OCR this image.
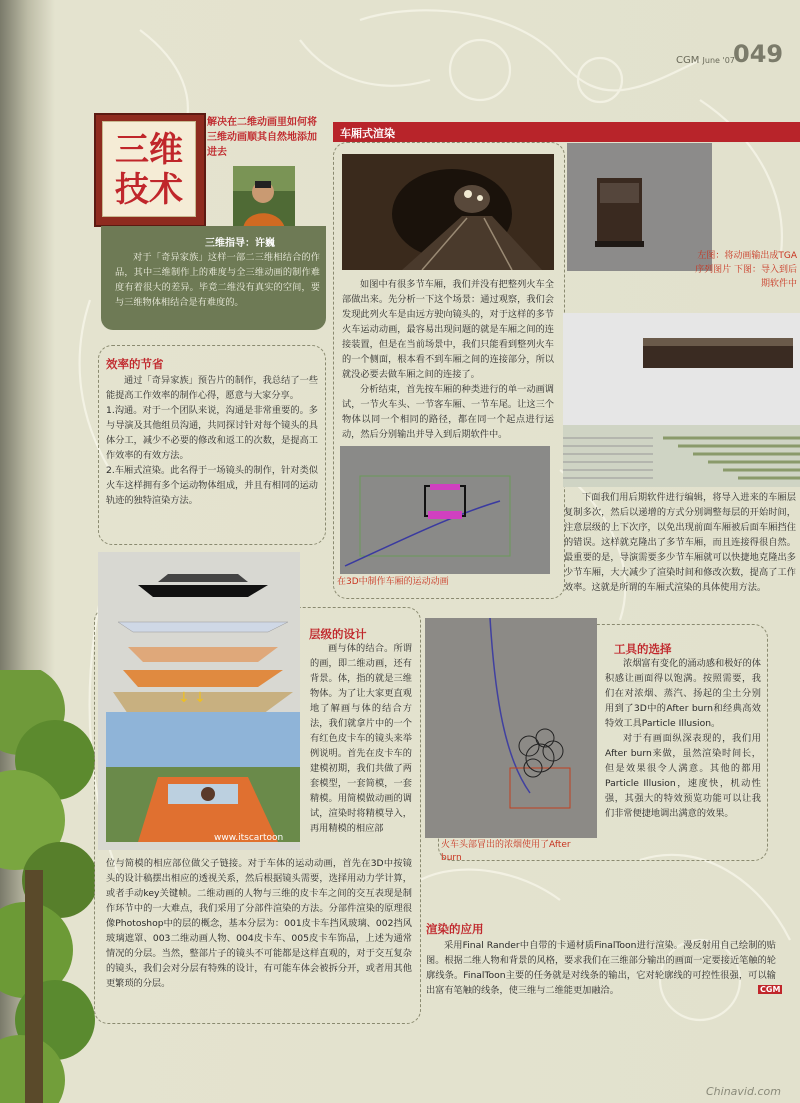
CGM June '07
049
三维技术
解决在二维动画里如何将三维动画顺其自然地添加进去
三维指导：许巍
对于「奇异家族」这样一部二三维相结合的作品，其中三维制作上的难度与全三维动画的制作难度有着很大的差异。毕竟二维没有真实的空间，要与三维物体相结合是有难度的。
效率的节省

通过「奇异家族」预告片的制作，我总结了一些能提高工作效率的制作心得，愿意与大家分享。

1.沟通。对于一个团队来说，沟通是非常重要的。多与导演及其他组员沟通，共同探讨针对每个镜头的具体分工，减少不必要的修改和返工的次数，是提高工作效率的有效方法。

2.车厢式渲染。此名得于一场镜头的制作，针对类似火车这样拥有多个运动物体组成，并且有相同的运动轨迹的独特渲染方法。

车厢式渲染

如图中有很多节车厢，我们并没有把整列火车全部做出来。先分析一下这个场景：通过观察，我们会发现此列火车是由远方驶向镜头的，对于这样的多节火车运动动画，最容易出现问题的就是车厢之间的连接装置，但是在当前场景中，我们只能看到整列火车的一个侧面，根本看不到车厢之间的连接部分，所以就没必要去做车厢之间的连接了。

分析结束，首先按车厢的种类进行的单一动画调试，一节火车头、一节客车厢、一节车尾。让这三个物体以同一个相同的路径，都在同一个起点进行运动，然后分别输出并导入到后期软件中。

在3D中制作车厢的运动动画
左图：将动画输出成TGA序列图片 下图：导入到后期软件中

下面我们用后期软件进行编辑，将导入进来的车厢层复制多次，然后以递增的方式分别调整每层的开始时间，注意层级的上下次序，以免出现前面车厢被后面车厢挡住的错误。这样就克隆出了多节车厢，而且连接得很自然。最重要的是，导演需要多少节车厢就可以快捷地克隆出多少节车厢，大大减少了渲染时间和修改次数，提高了工作效率。这就是所谓的车厢式渲染的具体使用方法。

↓ ↓
www.itscartoon
层级的设计

画与体的结合。所谓的画，即二维动画，还有背景。体，指的就是三维物体。为了让大家更直观地了解画与体的结合方法，我们就拿片中的一个有红色皮卡车的镜头来举例说明。首先在皮卡车的建模初期，我们共做了两套模型，一套简模，一套精模。用简模做动画的调试，渲染时将精模导入，再用精模的相应部

位与简模的相应部位做父子链接。对于车体的运动动画，首先在3D中按镜头的设计稿摆出相应的透视关系，然后根据镜头需要，选择用动力学计算，或者手动key关键帧。二维动画的人物与三维的皮卡车之间的交互表现是制作环节中的一大难点，我们采用了分部件渲染的方法。分部件渲染的原理很像Photoshop中的层的概念，基本分层为：001皮卡车挡风玻璃、002挡风玻璃遮罩、003二维动画人物、004皮卡车、005皮卡车饰品，上述为通常情况的分层。当然，整部片子的镜头不可能都是这样直观的，对于交互复杂的镜头，我们会对分层有特殊的设计，有可能车体会被拆分开，或者用其他更繁琐的分层。

火车头部冒出的浓烟使用了After burn
工具的选择

浓烟富有变化的涌动感和极好的体积感让画面得以饱满。按照需要，我们在对浓烟、蒸汽、扬起的尘土分别用到了3D中的After burn和经典高效特效工具Particle Illusion。

对于有画面纵深表现的，我们用After burn来做，虽然渲染时间长，但是效果很令人满意。其他的都用Particle Illusion，速度快，机动性强，其强大的特效预览功能可以让我们非常便捷地调出满意的效果。

渲染的应用

采用Final Rander中自带的卡通材质FinalToon进行渲染。漫反射用自己绘制的贴图。根据二维人物和背景的风格，要求我们在三维部分输出的画面一定要接近笔触的轮廓线条。FinalToon主要的任务就是对线条的输出，它对轮廓线的可控性很强，可以输出富有笔触的线条，使三维与二维能更加融洽。	CGM
Chinavid.com
